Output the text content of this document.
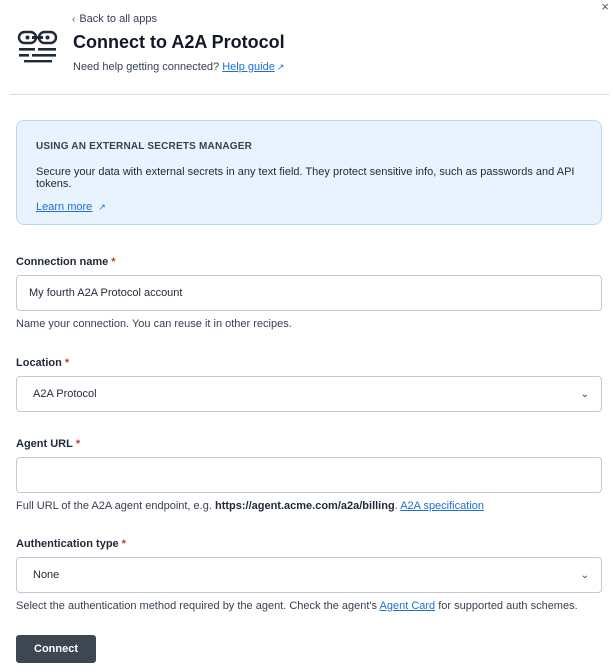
×
‹ Back to all apps
Connect to A2A Protocol
Need help getting connected? Help guide ↗
USING AN EXTERNAL SECRETS MANAGER
Secure your data with external secrets in any text field. They protect sensitive info, such as passwords and API tokens.
Learn more ↗
Connection name *
My fourth A2A Protocol account
Name your connection. You can reuse it in other recipes.
Location *
A2A Protocol	⌄
Agent URL *
Full URL of the A2A agent endpoint, e.g. https://agent.acme.com/a2a/billing. A2A specification
Authentication type *
None	⌄
Select the authentication method required by the agent. Check the agent's Agent Card for supported auth schemes.
Connect
